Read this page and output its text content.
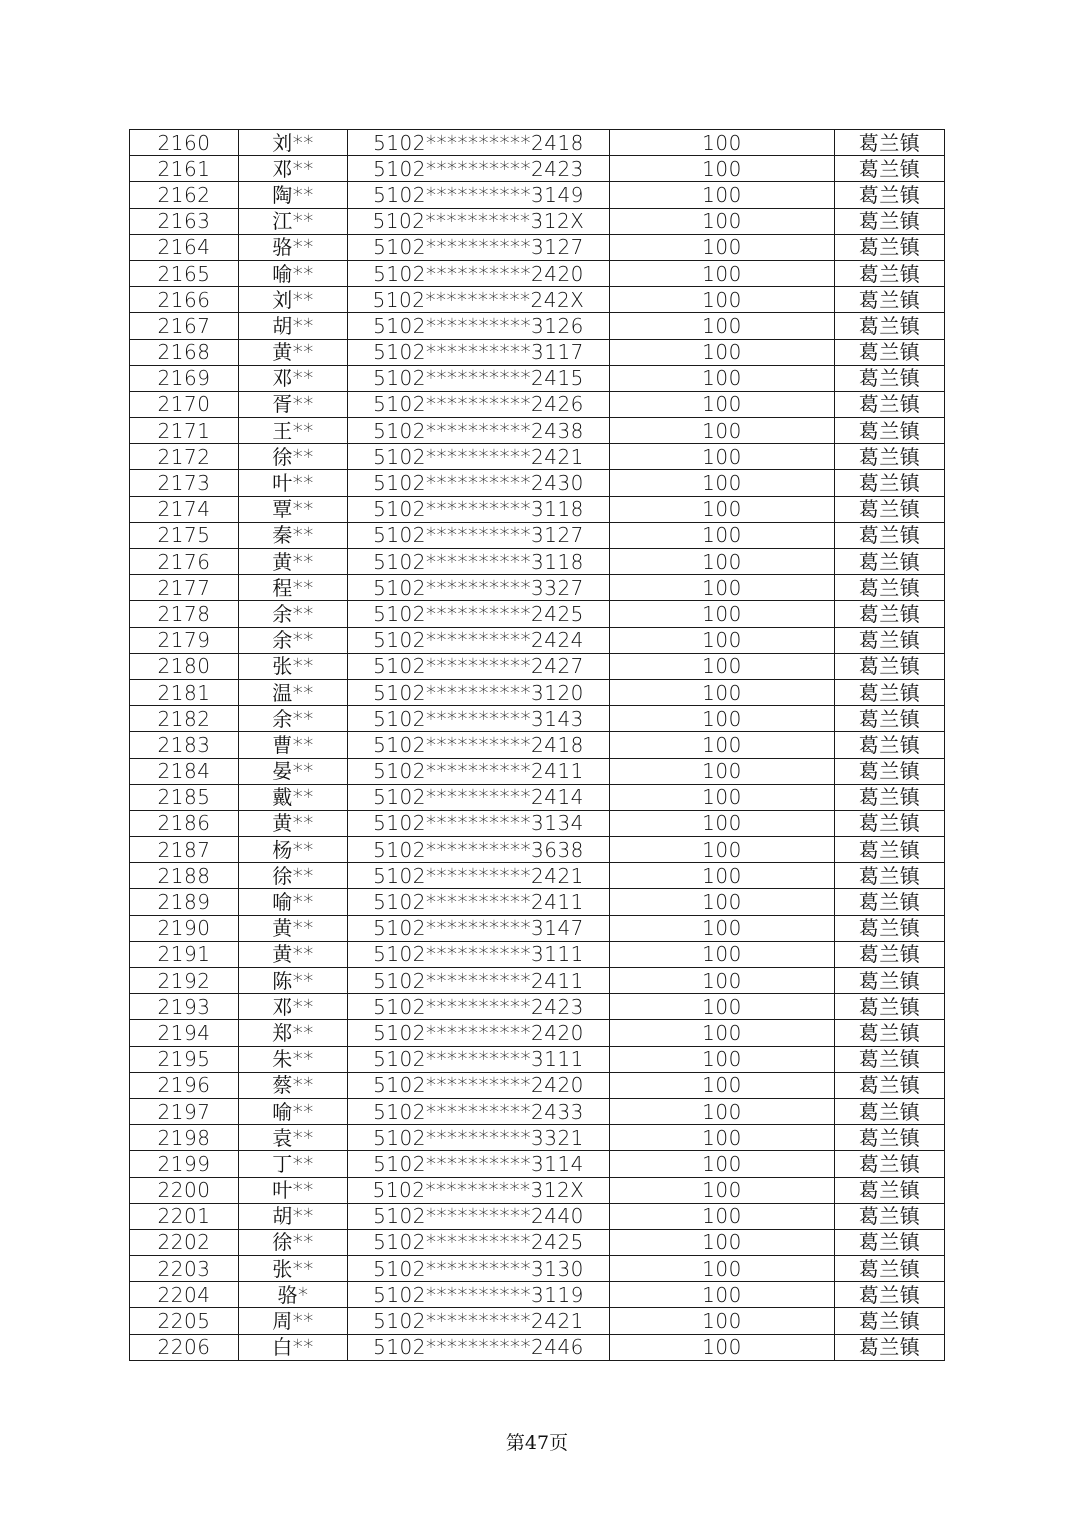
2160	刘**	5102**********2418	100	葛兰镇
2161	邓**	5102**********2423	100	葛兰镇
2162	陶**	5102**********3149	100	葛兰镇
2163	江**	5102**********312X	100	葛兰镇
2164	骆**	5102**********3127	100	葛兰镇
2165	喻**	5102**********2420	100	葛兰镇
2166	刘**	5102**********242X	100	葛兰镇
2167	胡**	5102**********3126	100	葛兰镇
2168	黄**	5102**********3117	100	葛兰镇
2169	邓**	5102**********2415	100	葛兰镇
2170	胥**	5102**********2426	100	葛兰镇
2171	王**	5102**********2438	100	葛兰镇
2172	徐**	5102**********2421	100	葛兰镇
2173	叶**	5102**********2430	100	葛兰镇
2174	覃**	5102**********3118	100	葛兰镇
2175	秦**	5102**********3127	100	葛兰镇
2176	黄**	5102**********3118	100	葛兰镇
2177	程**	5102**********3327	100	葛兰镇
2178	余**	5102**********2425	100	葛兰镇
2179	余**	5102**********2424	100	葛兰镇
2180	张**	5102**********2427	100	葛兰镇
2181	温**	5102**********3120	100	葛兰镇
2182	余**	5102**********3143	100	葛兰镇
2183	曹**	5102**********2418	100	葛兰镇
2184	晏**	5102**********2411	100	葛兰镇
2185	戴**	5102**********2414	100	葛兰镇
2186	黄**	5102**********3134	100	葛兰镇
2187	杨**	5102**********3638	100	葛兰镇
2188	徐**	5102**********2421	100	葛兰镇
2189	喻**	5102**********2411	100	葛兰镇
2190	黄**	5102**********3147	100	葛兰镇
2191	黄**	5102**********3111	100	葛兰镇
2192	陈**	5102**********2411	100	葛兰镇
2193	邓**	5102**********2423	100	葛兰镇
2194	郑**	5102**********2420	100	葛兰镇
2195	朱**	5102**********3111	100	葛兰镇
2196	蔡**	5102**********2420	100	葛兰镇
2197	喻**	5102**********2433	100	葛兰镇
2198	袁**	5102**********3321	100	葛兰镇
2199	丁**	5102**********3114	100	葛兰镇
2200	叶**	5102**********312X	100	葛兰镇
2201	胡**	5102**********2440	100	葛兰镇
2202	徐**	5102**********2425	100	葛兰镇
2203	张**	5102**********3130	100	葛兰镇
2204	骆*	5102**********3119	100	葛兰镇
2205	周**	5102**********2421	100	葛兰镇
2206	白**	5102**********2446	100	葛兰镇
第47页
